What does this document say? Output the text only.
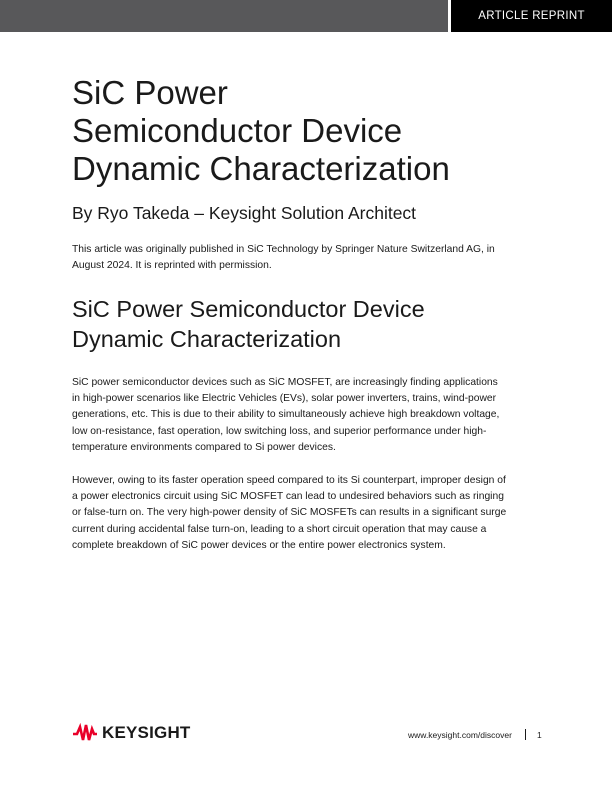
ARTICLE REPRINT
SiC Power
Semiconductor Device
Dynamic Characterization
By Ryo Takeda – Keysight Solution Architect

This article was originally published in SiC Technology by Springer Nature Switzerland AG, in
August 2024. It is reprinted with permission.

SiC Power Semiconductor Device
Dynamic Characterization

SiC power semiconductor devices such as SiC MOSFET, are increasingly finding applications
in high-power scenarios like Electric Vehicles (EVs), solar power inverters, trains, wind-power
generations, etc. This is due to their ability to simultaneously achieve high breakdown voltage,
low on-resistance, fast operation, low switching loss, and superior performance under high-
temperature environments compared to Si power devices.

However, owing to its faster operation speed compared to its Si counterpart, improper design of
a power electronics circuit using SiC MOSFET can lead to undesired behaviors such as ringing
or false-turn on. The very high-power density of SiC MOSFETs can results in a significant surge
current during accidental false turn-on, leading to a short circuit operation that may cause a
complete breakdown of SiC power devices or the entire power electronics system.

KEYSIGHT	www.keysight.com/discover	1
